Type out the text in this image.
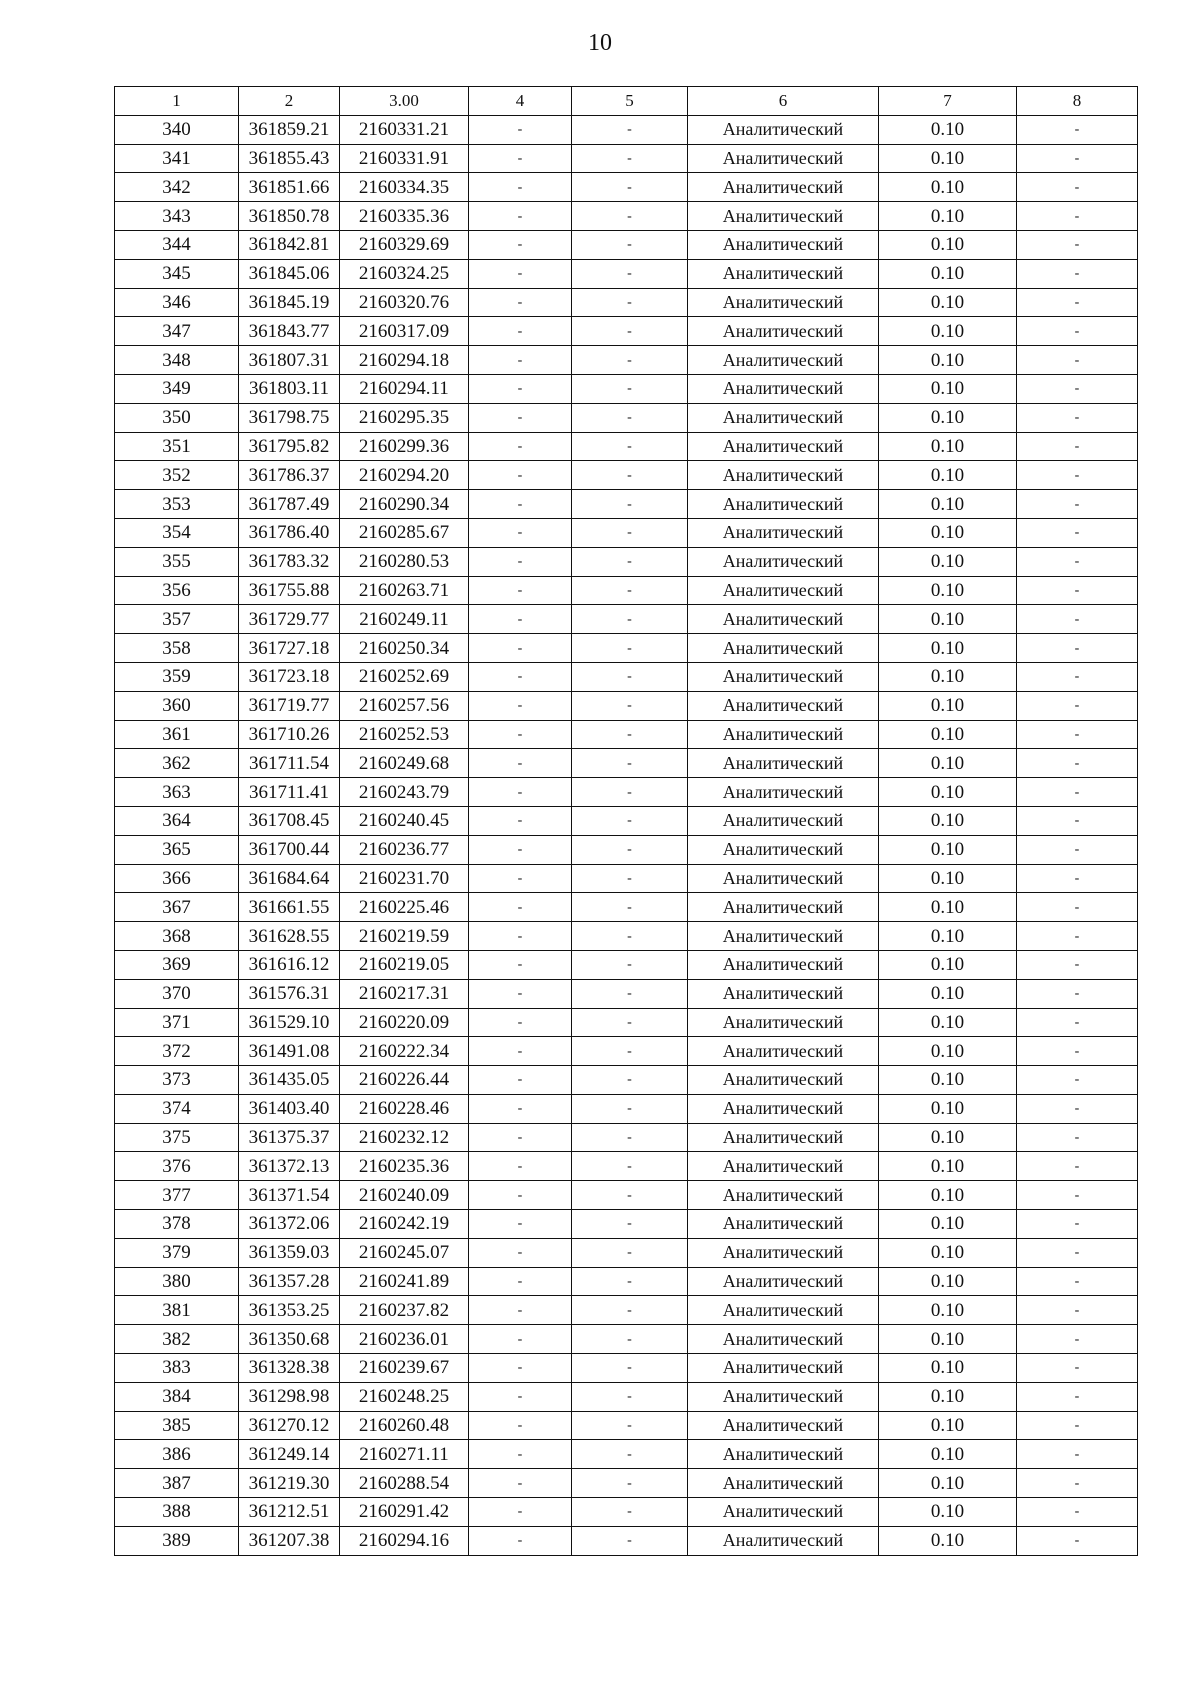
10
1	2	3.00	4	5	6	7	8
340	361859.21	2160331.21	-	-	Аналитический	0.10	-
341	361855.43	2160331.91	-	-	Аналитический	0.10	-
342	361851.66	2160334.35	-	-	Аналитический	0.10	-
343	361850.78	2160335.36	-	-	Аналитический	0.10	-
344	361842.81	2160329.69	-	-	Аналитический	0.10	-
345	361845.06	2160324.25	-	-	Аналитический	0.10	-
346	361845.19	2160320.76	-	-	Аналитический	0.10	-
347	361843.77	2160317.09	-	-	Аналитический	0.10	-
348	361807.31	2160294.18	-	-	Аналитический	0.10	-
349	361803.11	2160294.11	-	-	Аналитический	0.10	-
350	361798.75	2160295.35	-	-	Аналитический	0.10	-
351	361795.82	2160299.36	-	-	Аналитический	0.10	-
352	361786.37	2160294.20	-	-	Аналитический	0.10	-
353	361787.49	2160290.34	-	-	Аналитический	0.10	-
354	361786.40	2160285.67	-	-	Аналитический	0.10	-
355	361783.32	2160280.53	-	-	Аналитический	0.10	-
356	361755.88	2160263.71	-	-	Аналитический	0.10	-
357	361729.77	2160249.11	-	-	Аналитический	0.10	-
358	361727.18	2160250.34	-	-	Аналитический	0.10	-
359	361723.18	2160252.69	-	-	Аналитический	0.10	-
360	361719.77	2160257.56	-	-	Аналитический	0.10	-
361	361710.26	2160252.53	-	-	Аналитический	0.10	-
362	361711.54	2160249.68	-	-	Аналитический	0.10	-
363	361711.41	2160243.79	-	-	Аналитический	0.10	-
364	361708.45	2160240.45	-	-	Аналитический	0.10	-
365	361700.44	2160236.77	-	-	Аналитический	0.10	-
366	361684.64	2160231.70	-	-	Аналитический	0.10	-
367	361661.55	2160225.46	-	-	Аналитический	0.10	-
368	361628.55	2160219.59	-	-	Аналитический	0.10	-
369	361616.12	2160219.05	-	-	Аналитический	0.10	-
370	361576.31	2160217.31	-	-	Аналитический	0.10	-
371	361529.10	2160220.09	-	-	Аналитический	0.10	-
372	361491.08	2160222.34	-	-	Аналитический	0.10	-
373	361435.05	2160226.44	-	-	Аналитический	0.10	-
374	361403.40	2160228.46	-	-	Аналитический	0.10	-
375	361375.37	2160232.12	-	-	Аналитический	0.10	-
376	361372.13	2160235.36	-	-	Аналитический	0.10	-
377	361371.54	2160240.09	-	-	Аналитический	0.10	-
378	361372.06	2160242.19	-	-	Аналитический	0.10	-
379	361359.03	2160245.07	-	-	Аналитический	0.10	-
380	361357.28	2160241.89	-	-	Аналитический	0.10	-
381	361353.25	2160237.82	-	-	Аналитический	0.10	-
382	361350.68	2160236.01	-	-	Аналитический	0.10	-
383	361328.38	2160239.67	-	-	Аналитический	0.10	-
384	361298.98	2160248.25	-	-	Аналитический	0.10	-
385	361270.12	2160260.48	-	-	Аналитический	0.10	-
386	361249.14	2160271.11	-	-	Аналитический	0.10	-
387	361219.30	2160288.54	-	-	Аналитический	0.10	-
388	361212.51	2160291.42	-	-	Аналитический	0.10	-
389	361207.38	2160294.16	-	-	Аналитический	0.10	-
